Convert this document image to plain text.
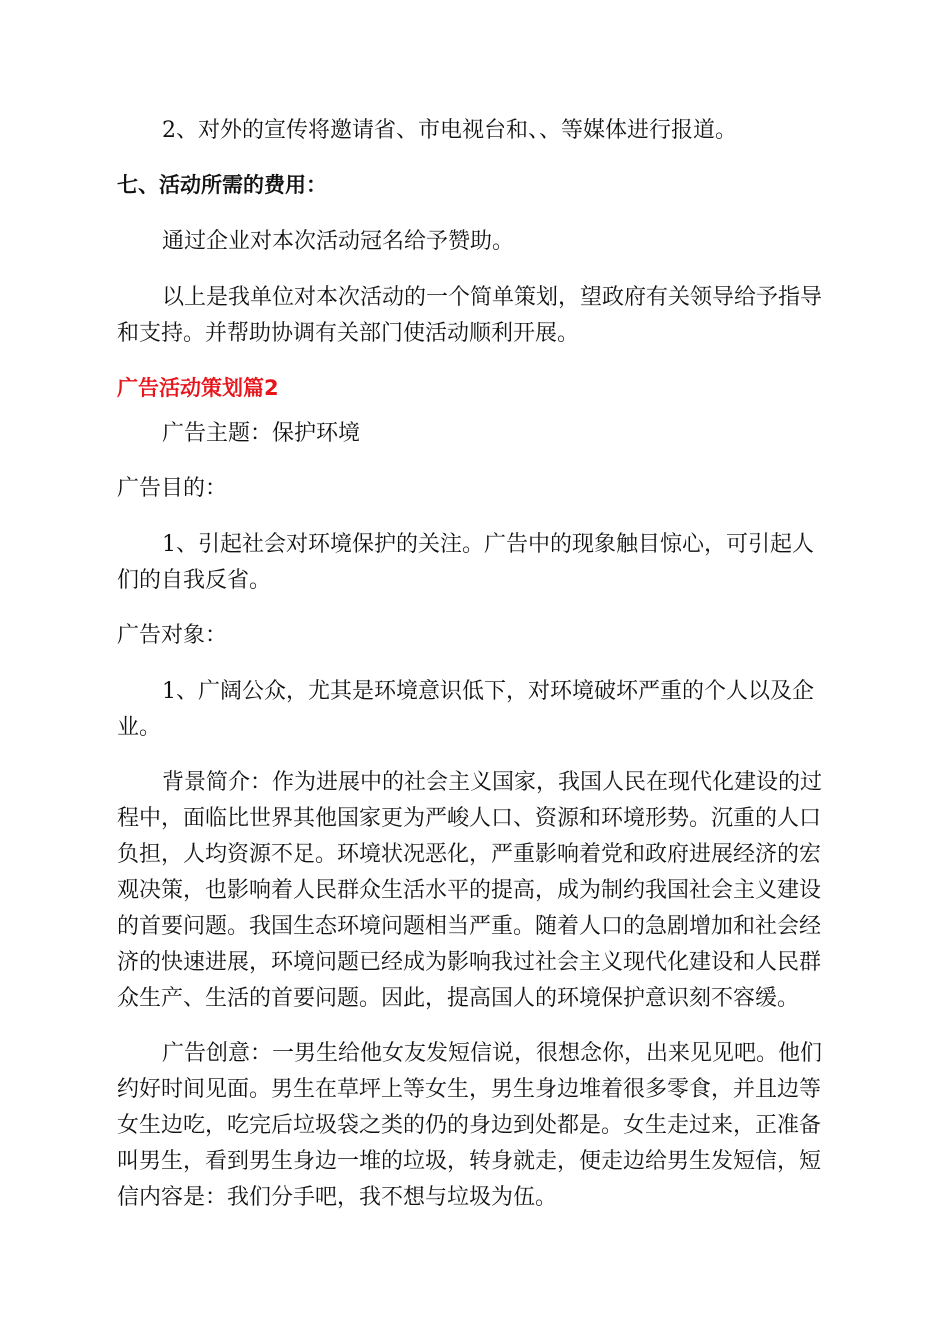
2、对外的宣传将邀请省、市电视台和、、等媒体进行报道。
七、活动所需的费用：
通过企业对本次活动冠名给予赞助。
以上是我单位对本次活动的一个简单策划，望政府有关领导给予指导
和支持。并帮助协调有关部门使活动顺利开展。
广告活动策划篇2
广告主题：保护环境
广告目的：
1、引起社会对环境保护的关注。广告中的现象触目惊心，可引起人
们的自我反省。
广告对象：
1、广阔公众，尤其是环境意识低下，对环境破坏严重的个人以及企
业。
背景简介：作为进展中的社会主义国家，我国人民在现代化建设的过
程中，面临比世界其他国家更为严峻人口、资源和环境形势。沉重的人口
负担，人均资源不足。环境状况恶化，严重影响着党和政府进展经济的宏
观决策，也影响着人民群众生活水平的提高，成为制约我国社会主义建设
的首要问题。我国生态环境问题相当严重。随着人口的急剧增加和社会经
济的快速进展，环境问题已经成为影响我过社会主义现代化建设和人民群
众生产、生活的首要问题。因此，提高国人的环境保护意识刻不容缓。
广告创意：一男生给他女友发短信说，很想念你，出来见见吧。他们
约好时间见面。男生在草坪上等女生，男生身边堆着很多零食，并且边等
女生边吃，吃完后垃圾袋之类的仍的身边到处都是。女生走过来，正准备
叫男生，看到男生身边一堆的垃圾，转身就走，便走边给男生发短信，短
信内容是：我们分手吧，我不想与垃圾为伍。
